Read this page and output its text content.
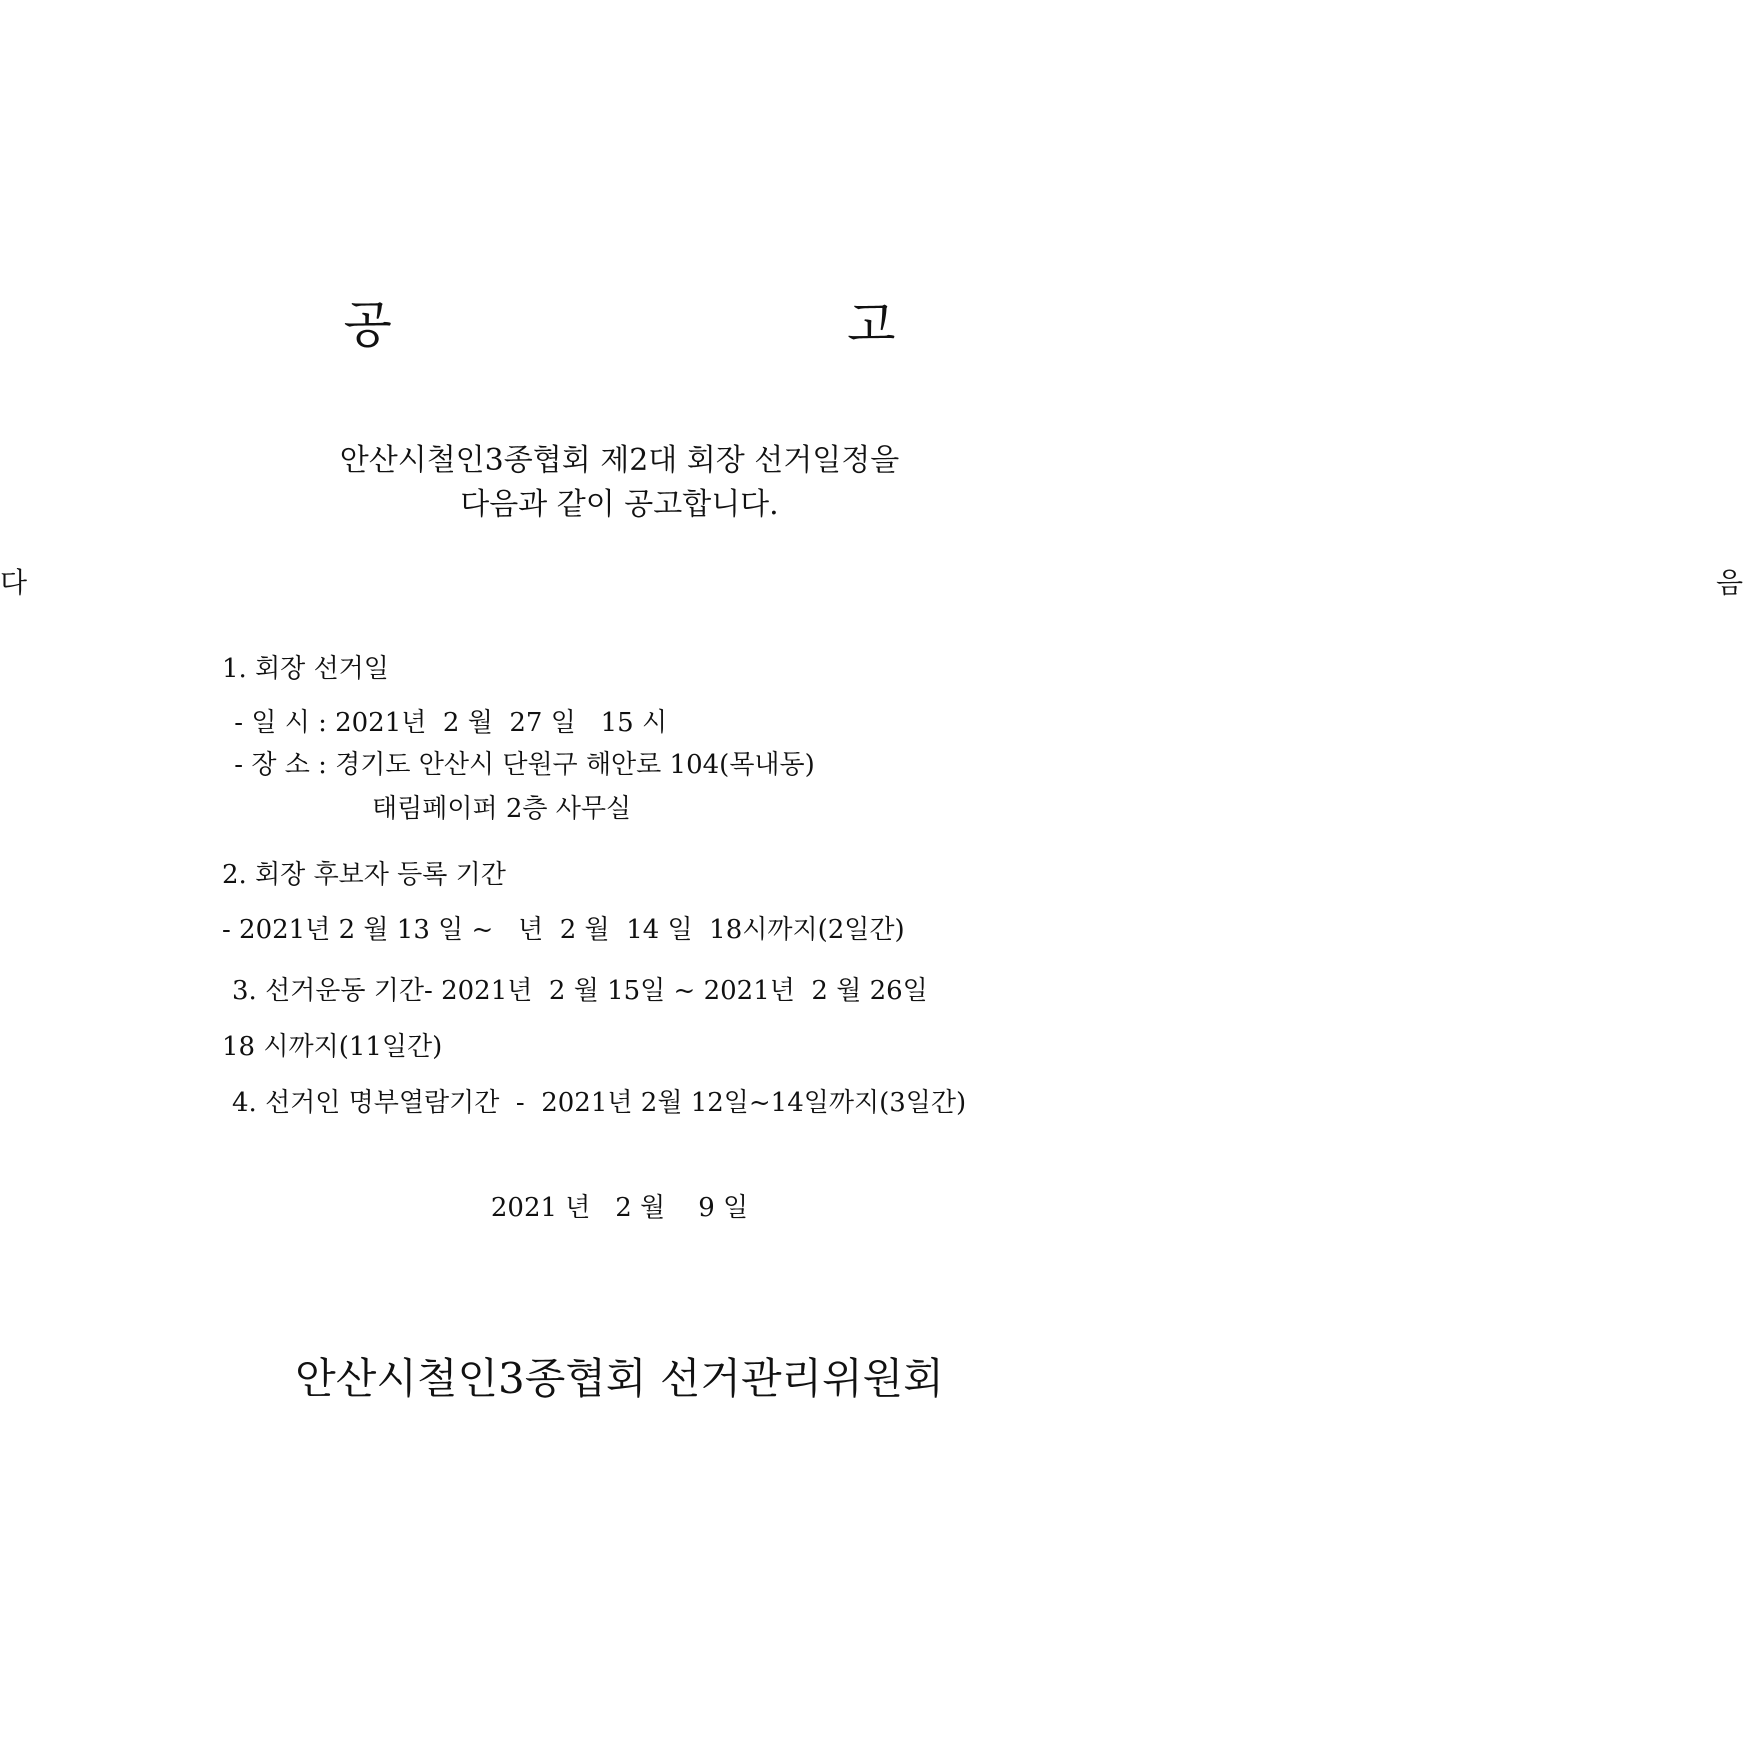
공      고
안산시철인3종협회 제2대 회장 선거일정을
다음과 같이 공고합니다.
다          음
1. 회장 선거일
- 일 시 : 2021년  2 월  27 일   15 시
- 장 소 : 경기도 안산시 단원구 해안로 104(목내동)
태림페이퍼 2층 사무실
2. 회장 후보자 등록 기간
- 2021년 2 월 13 일 ~   년  2 월  14 일  18시까지(2일간)
3. 선거운동 기간- 2021년  2 월 15일 ~ 2021년  2 월 26일
18 시까지(11일간)
4. 선거인 명부열람기간  -  2021년 2월 12일~14일까지(3일간)
2021 년   2 월    9 일
안산시철인3종협회 선거관리위원회
